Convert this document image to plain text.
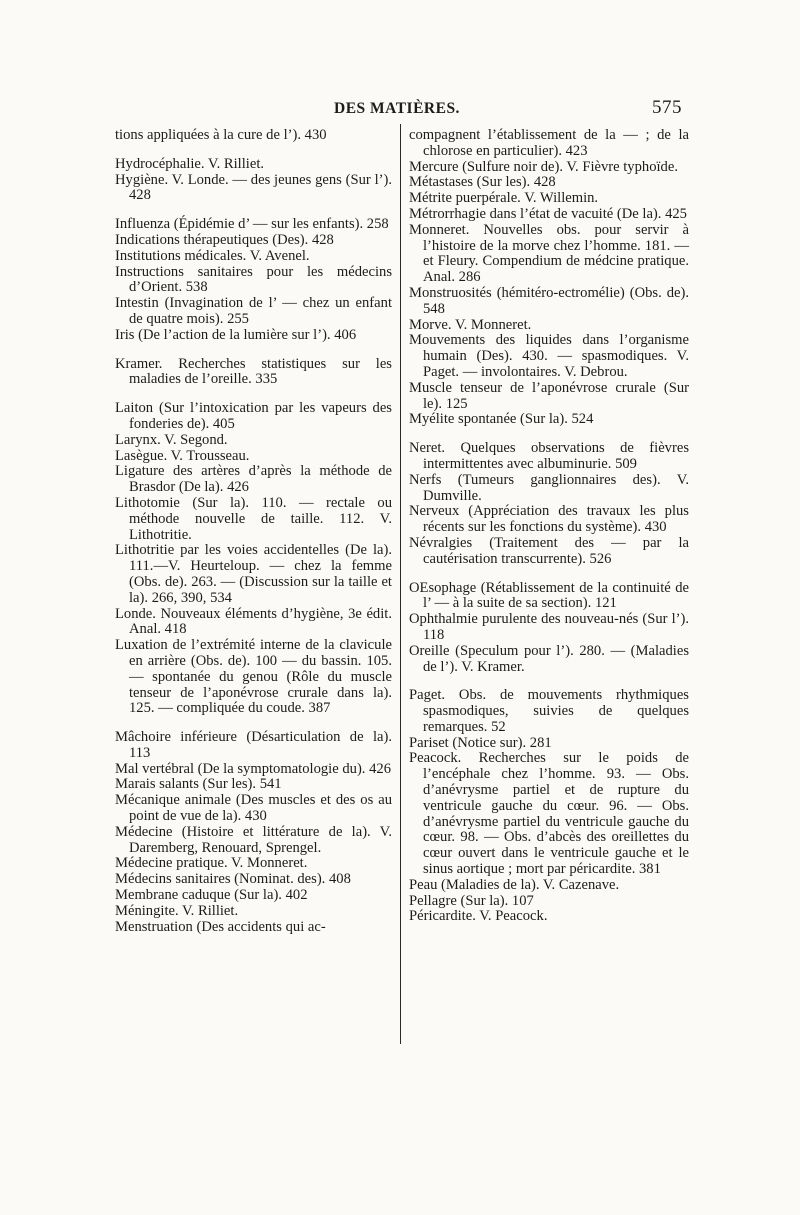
DES MATIÈRES.	575

tions appliquées à la cure de l’). 430

Hydrocéphalie. V. Rilliet.

Hygiène. V. Londe. — des jeunes gens (Sur l’). 428

Influenza (Épidémie d’ — sur les enfants). 258

Indications thérapeutiques (Des). 428

Institutions médicales. V. Avenel.

Instructions sanitaires pour les médecins d’Orient. 538

Intestin (Invagination de l’ — chez un enfant de quatre mois). 255

Iris (De l’action de la lumière sur l’). 406

Kramer. Recherches statistiques sur les maladies de l’oreille. 335

Laiton (Sur l’intoxication par les vapeurs des fonderies de). 405

Larynx. V. Segond.

Lasègue. V. Trousseau.

Ligature des artères d’après la méthode de Brasdor (De la). 426

Lithotomie (Sur la). 110. — rectale ou méthode nouvelle de taille. 112. V. Lithotritie.

Lithotritie par les voies accidentelles (De la). 111.—V. Heurteloup. — chez la femme (Obs. de). 263. — (Discussion sur la taille et la). 266, 390, 534

Londe. Nouveaux éléments d’hygiène, 3e édit. Anal. 418

Luxation de l’extrémité interne de la clavicule en arrière (Obs. de). 100 — du bassin. 105. — spontanée du genou (Rôle du muscle tenseur de l’aponévrose crurale dans la). 125. — compliquée du coude. 387

Mâchoire inférieure (Désarticulation de la). 113

Mal vertébral (De la symptomatologie du). 426

Marais salants (Sur les). 541

Mécanique animale (Des muscles et des os au point de vue de la). 430

Médecine (Histoire et littérature de la). V. Daremberg, Renouard, Sprengel.

Médecine pratique. V. Monneret.

Médecins sanitaires (Nominat. des). 408

Membrane caduque (Sur la). 402

Méningite. V. Rilliet.

Menstruation (Des accidents qui ac-

compagnent l’établissement de la — ; de la chlorose en particulier). 423

Mercure (Sulfure noir de). V. Fièvre typhoïde.

Métastases (Sur les). 428

Métrite puerpérale. V. Willemin.

Métrorrhagie dans l’état de vacuité (De la). 425

Monneret. Nouvelles obs. pour servir à l’histoire de la morve chez l’homme. 181. — et Fleury. Compendium de médcine pratique. Anal. 286

Monstruosités (hémitéro-ectromélie) (Obs. de). 548

Morve. V. Monneret.

Mouvements des liquides dans l’organisme humain (Des). 430. — spasmodiques. V. Paget. — involontaires. V. Debrou.

Muscle tenseur de l’aponévrose crurale (Sur le). 125

Myélite spontanée (Sur la). 524

Neret. Quelques observations de fièvres intermittentes avec albuminurie. 509

Nerfs (Tumeurs ganglionnaires des). V. Dumville.

Nerveux (Appréciation des travaux les plus récents sur les fonctions du système). 430

Névralgies (Traitement des — par la cautérisation transcurrente). 526

OEsophage (Rétablissement de la continuité de l’ — à la suite de sa section). 121

Ophthalmie purulente des nouveau-nés (Sur l’). 118

Oreille (Speculum pour l’). 280. — (Maladies de l’). V. Kramer.

Paget. Obs. de mouvements rhythmiques spasmodiques, suivies de quelques remarques. 52

Pariset (Notice sur). 281

Peacock. Recherches sur le poids de l’encéphale chez l’homme. 93. — Obs. d’anévrysme partiel et de rupture du ventricule gauche du cœur. 96. — Obs. d’anévrysme partiel du ventricule gauche du cœur. 98. — Obs. d’abcès des oreillettes du cœur ouvert dans le ventricule gauche et le sinus aortique ; mort par péricardite. 381

Peau (Maladies de la). V. Cazenave.

Pellagre (Sur la). 107

Péricardite. V. Peacock.
